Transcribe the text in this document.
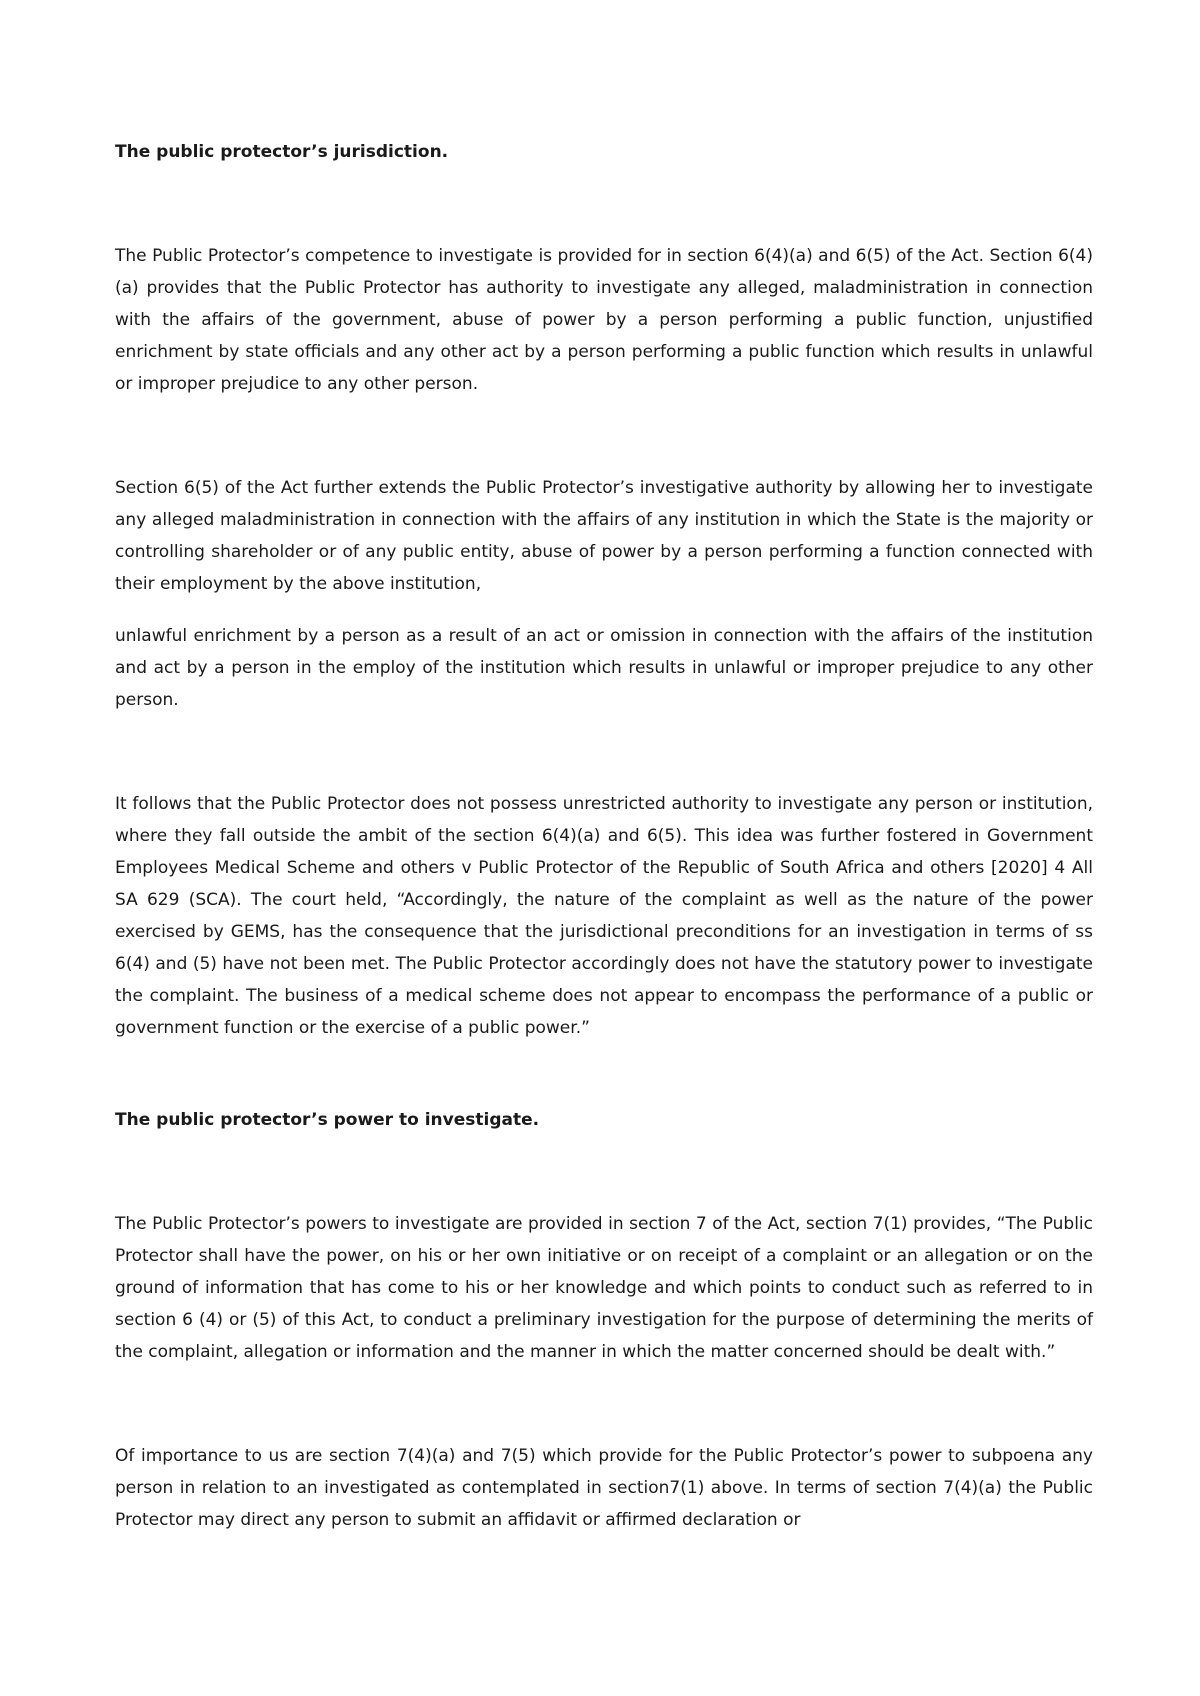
The public protector’s jurisdiction.

The Public Protector’s competence to investigate is provided for in section 6(4)(a) and 6(5) of the Act. Section 6(4)(a) provides that the Public Protector has authority to investigate any alleged, maladministration in connection with the affairs of the government, abuse of power by a person performing a public function, unjustified enrichment by state officials and any other act by a person performing a public function which results in unlawful or improper prejudice to any other person.

Section 6(5) of the Act further extends the Public Protector’s investigative authority by allowing her to investigate any alleged maladministration in connection with the affairs of any institution in which the State is the majority or controlling shareholder or of any public entity, abuse of power by a person performing a function connected with their employment by the above institution,

unlawful enrichment by a person as a result of an act or omission in connection with the affairs of the institution and act by a person in the employ of the institution which results in unlawful or improper prejudice to any other person.

It follows that the Public Protector does not possess unrestricted authority to investigate any person or institution, where they fall outside the ambit of the section 6(4)(a) and 6(5). This idea was further fostered in Government Employees Medical Scheme and others v Public Protector of the Republic of South Africa and others [2020] 4 All SA 629 (SCA). The court held, “Accordingly, the nature of the complaint as well as the nature of the power exercised by GEMS, has the consequence that the jurisdictional preconditions for an investigation in terms of ss 6(4) and (5) have not been met. The Public Protector accordingly does not have the statutory power to investigate the complaint. The business of a medical scheme does not appear to encompass the performance of a public or government function or the exercise of a public power.”

The public protector’s power to investigate.

The Public Protector’s powers to investigate are provided in section 7 of the Act, section 7(1) provides, “The Public Protector shall have the power, on his or her own initiative or on receipt of a complaint or an allegation or on the ground of information that has come to his or her knowledge and which points to conduct such as referred to in section 6 (4) or (5) of this Act, to conduct a preliminary investigation for the purpose of determining the merits of the complaint, allegation or information and the manner in which the matter concerned should be dealt with.”

Of importance to us are section 7(4)(a) and 7(5) which provide for the Public Protector’s power to subpoena any person in relation to an investigated as contemplated in section7(1) above. In terms of section 7(4)(a) the Public Protector may direct any person to submit an affidavit or affirmed declaration or
